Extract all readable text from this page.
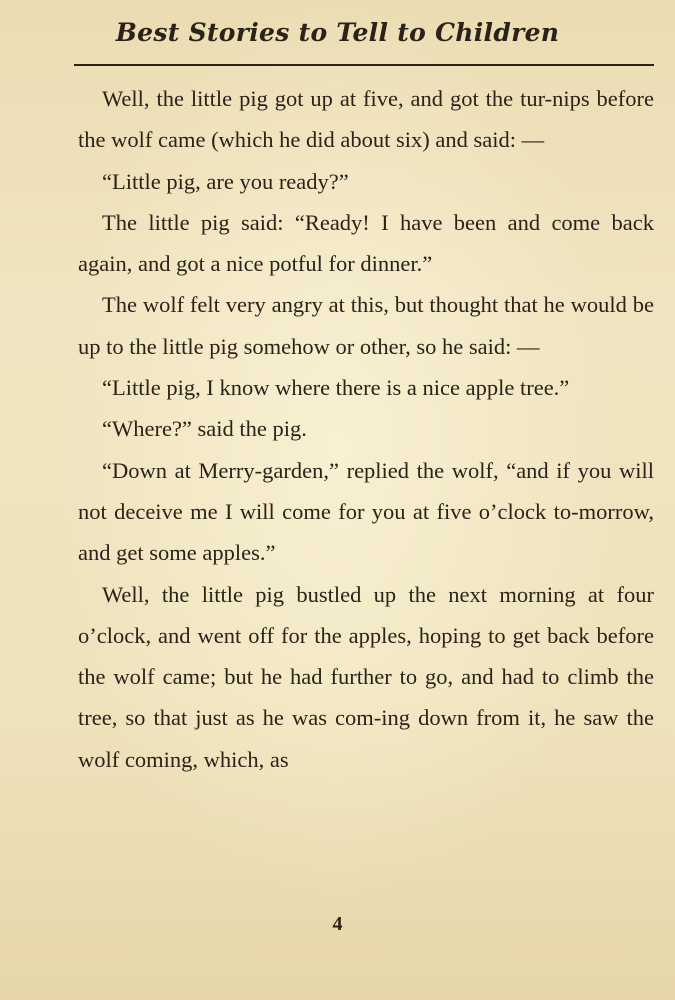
Best Stories to Tell to Children

Well, the little pig got up at five, and got the tur-nips before the wolf came (which he did about six) and said: —

“Little pig, are you ready?”

The little pig said: “Ready! I have been and come back again, and got a nice potful for dinner.”

The wolf felt very angry at this, but thought that he would be up to the little pig somehow or other, so he said: —

“Little pig, I know where there is a nice apple tree.”

“Where?” said the pig.

“Down at Merry-garden,” replied the wolf, “and if you will not deceive me I will come for you at five o’clock to-morrow, and get some apples.”

Well, the little pig bustled up the next morning at four o’clock, and went off for the apples, hoping to get back before the wolf came; but he had further to go, and had to climb the tree, so that just as he was com-ing down from it, he saw the wolf coming, which, as

4
